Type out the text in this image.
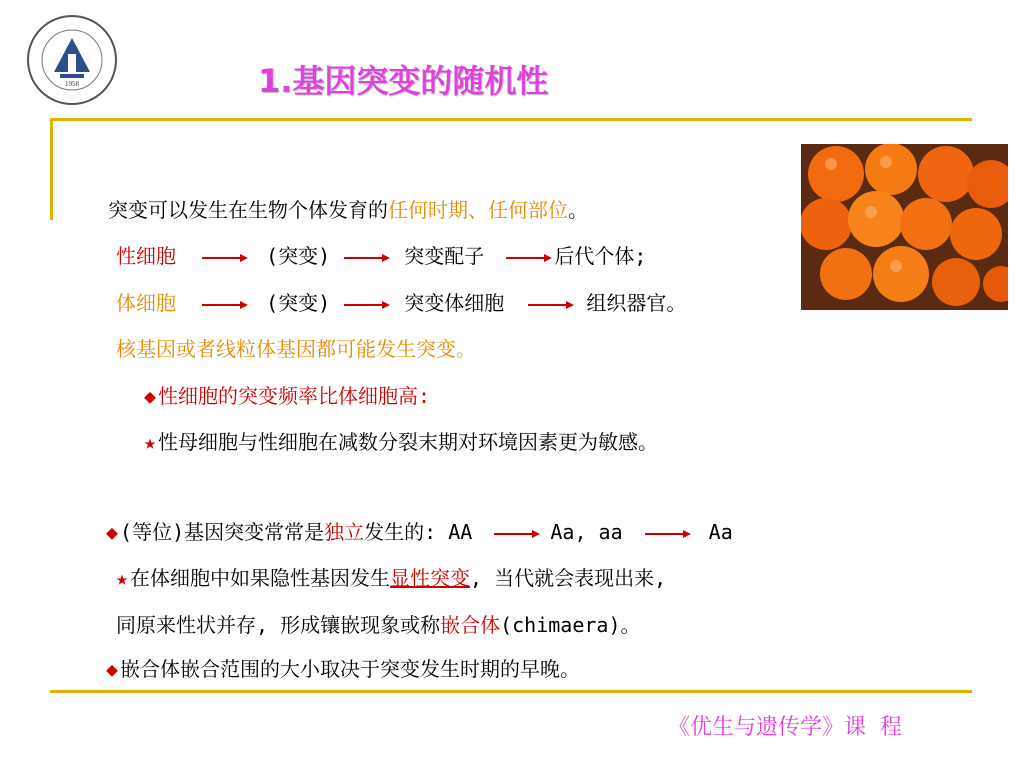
1958	1.基因突变的随机性
突变可以发生在生物个体发育的任何时期、任何部位。
性细胞	(突变)	突变配子	后代个体;
体细胞	(突变)	突变体细胞	组织器官。
核基因或者线粒体基因都可能发生突变。
◆ 性细胞的突变频率比体细胞高:
★ 性母细胞与性细胞在减数分裂末期对环境因素更为敏感。
◆ (等位)基因突变常常是独立发生的: AA	Aa, aa	Aa
★ 在体细胞中如果隐性基因发生显性突变, 当代就会表现出来,
同原来性状并存, 形成镶嵌现象或称嵌合体(chimaera)。
◆ 嵌合体嵌合范围的大小取决于突变发生时期的早晚。
《优生与遗传学》课  程
